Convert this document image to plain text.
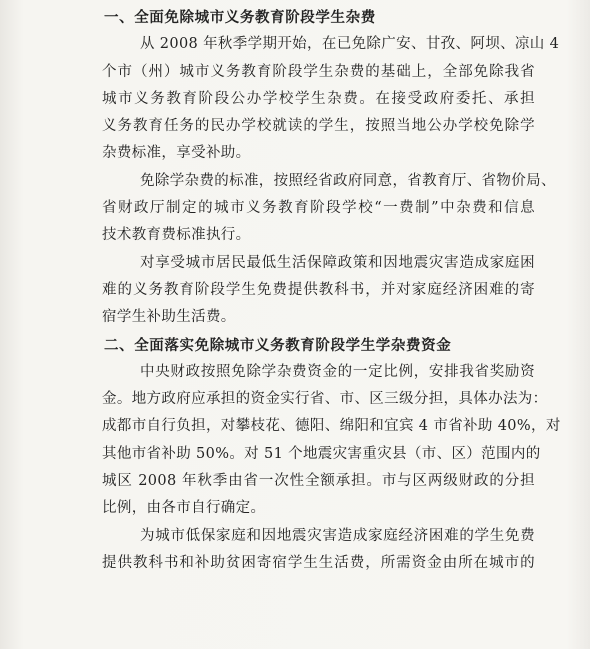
一、全面免除城市义务教育阶段学生杂费
从 2008 年秋季学期开始，在已免除广安、甘孜、阿坝、凉山 4
个市（州）城市义务教育阶段学生杂费的基础上，全部免除我省
城市义务教育阶段公办学校学生杂费。在接受政府委托、承担
义务教育任务的民办学校就读的学生，按照当地公办学校免除学
杂费标准，享受补助。
免除学杂费的标准，按照经省政府同意，省教育厅、省物价局、
省财政厅制定的城市义务教育阶段学校“一费制”中杂费和信息
技术教育费标准执行。
对享受城市居民最低生活保障政策和因地震灾害造成家庭困
难的义务教育阶段学生免费提供教科书，并对家庭经济困难的寄
宿学生补助生活费。
二、全面落实免除城市义务教育阶段学生学杂费资金
中央财政按照免除学杂费资金的一定比例，安排我省奖励资
金。地方政府应承担的资金实行省、市、区三级分担，具体办法为：
成都市自行负担，对攀枝花、德阳、绵阳和宜宾 4 市省补助 40%，对
其他市省补助 50%。对 51 个地震灾害重灾县（市、区）范围内的
城区 2008 年秋季由省一次性全额承担。市与区两级财政的分担
比例，由各市自行确定。
为城市低保家庭和因地震灾害造成家庭经济困难的学生免费
提供教科书和补助贫困寄宿学生生活费，所需资金由所在城市的
